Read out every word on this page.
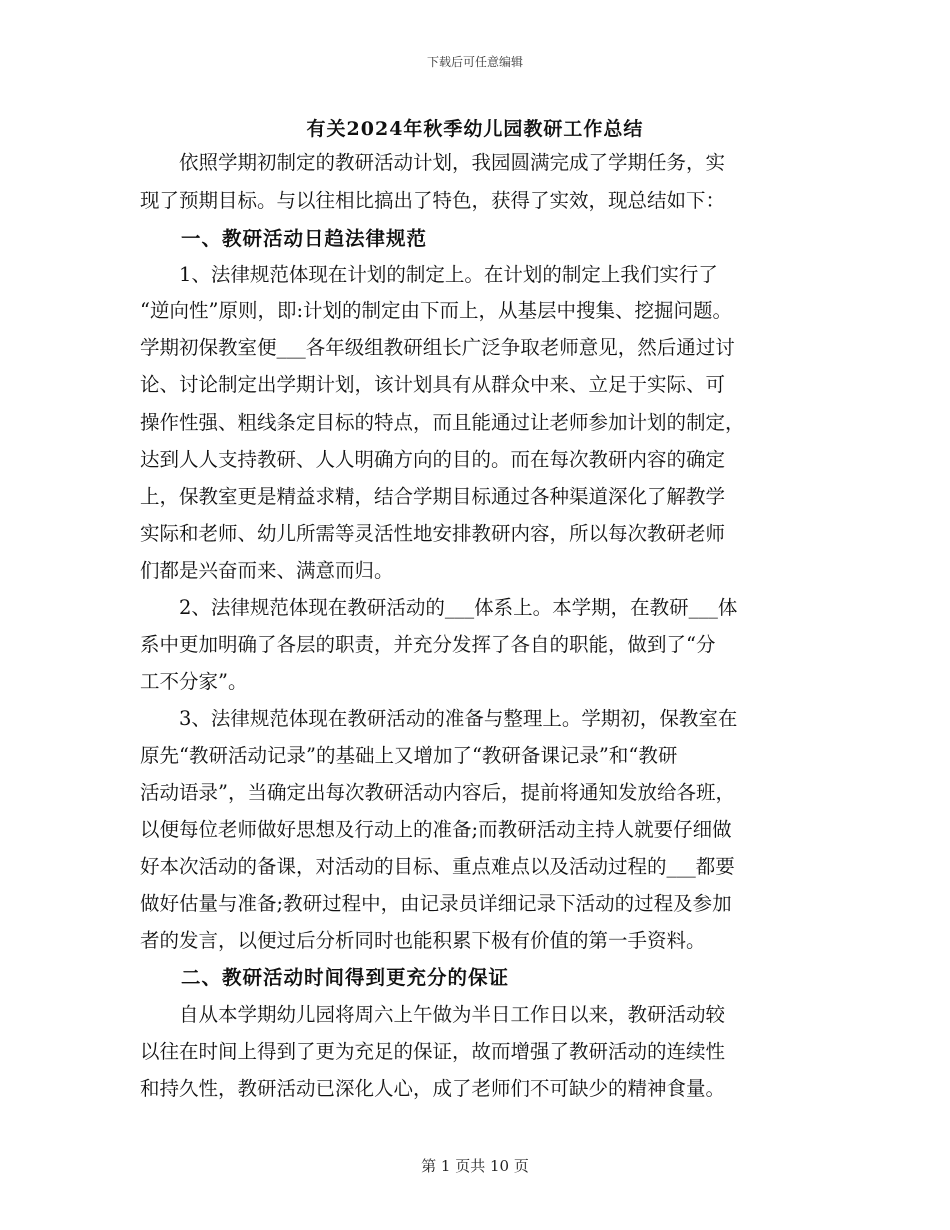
下载后可任意编辑
有关2024年秋季幼儿园教研工作总结
　　依照学期初制定的教研活动计划，我园圆满完成了学期任务，实
现了预期目标。与以往相比搞出了特色，获得了实效，现总结如下：
　　一、教研活动日趋法律规范
　　1、法律规范体现在计划的制定上。在计划的制定上我们实行了
“逆向性”原则，即:计划的制定由下而上，从基层中搜集、挖掘问题。
学期初保教室便___各年级组教研组长广泛争取老师意见，然后通过讨
论、讨论制定出学期计划，该计划具有从群众中来、立足于实际、可
操作性强、粗线条定目标的特点，而且能通过让老师参加计划的制定，
达到人人支持教研、人人明确方向的目的。而在每次教研内容的确定
上，保教室更是精益求精，结合学期目标通过各种渠道深化了解教学
实际和老师、幼儿所需等灵活性地安排教研内容，所以每次教研老师
们都是兴奋而来、满意而归。
　　2、法律规范体现在教研活动的___体系上。本学期，在教研___体
系中更加明确了各层的职责，并充分发挥了各自的职能，做到了“分
工不分家”。
　　3、法律规范体现在教研活动的准备与整理上。学期初，保教室在
原先“教研活动记录”的基础上又增加了“教研备课记录”和“教研
活动语录”，当确定出每次教研活动内容后，提前将通知发放给各班，
以便每位老师做好思想及行动上的准备;而教研活动主持人就要仔细做
好本次活动的备课，对活动的目标、重点难点以及活动过程的___都要
做好估量与准备;教研过程中，由记录员详细记录下活动的过程及参加
者的发言，以便过后分析同时也能积累下极有价值的第一手资料。
　　二、教研活动时间得到更充分的保证
　　自从本学期幼儿园将周六上午做为半日工作日以来，教研活动较
以往在时间上得到了更为充足的保证，故而增强了教研活动的连续性
和持久性，教研活动已深化人心，成了老师们不可缺少的精神食量。
第 1 页共 10 页
